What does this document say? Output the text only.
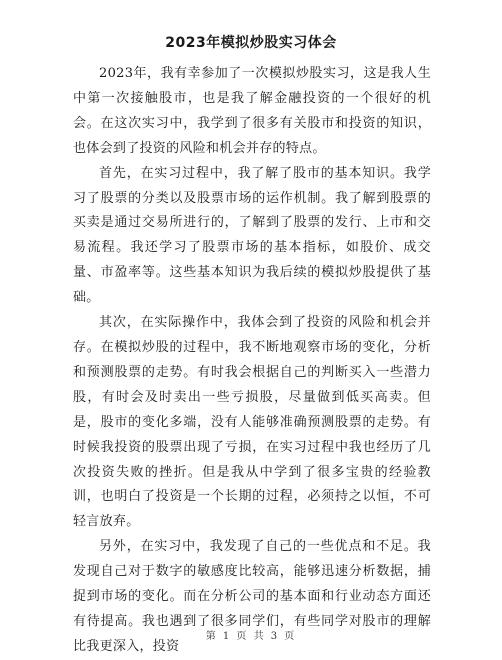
2023年模拟炒股实习体会

2023年，我有幸参加了一次模拟炒股实习，这是我人生中第一次接触股市，也是我了解金融投资的一个很好的机会。在这次实习中，我学到了很多有关股市和投资的知识，也体会到了投资的风险和机会并存的特点。

首先，在实习过程中，我了解了股市的基本知识。我学习了股票的分类以及股票市场的运作机制。我了解到股票的买卖是通过交易所进行的，了解到了股票的发行、上市和交易流程。我还学习了股票市场的基本指标，如股价、成交量、市盈率等。这些基本知识为我后续的模拟炒股提供了基础。

其次，在实际操作中，我体会到了投资的风险和机会并存。在模拟炒股的过程中，我不断地观察市场的变化，分析和预测股票的走势。有时我会根据自己的判断买入一些潜力股，有时会及时卖出一些亏损股，尽量做到低买高卖。但是，股市的变化多端，没有人能够准确预测股票的走势。有时候我投资的股票出现了亏损，在实习过程中我也经历了几次投资失败的挫折。但是我从中学到了很多宝贵的经验教训，也明白了投资是一个长期的过程，必须持之以恒，不可轻言放弃。

另外，在实习中，我发现了自己的一些优点和不足。我发现自己对于数字的敏感度比较高，能够迅速分析数据，捕捉到市场的变化。而在分析公司的基本面和行业动态方面还有待提高。我也遇到了很多同学们，有些同学对股市的理解比我更深入，投资

第 1 页 共 3 页
